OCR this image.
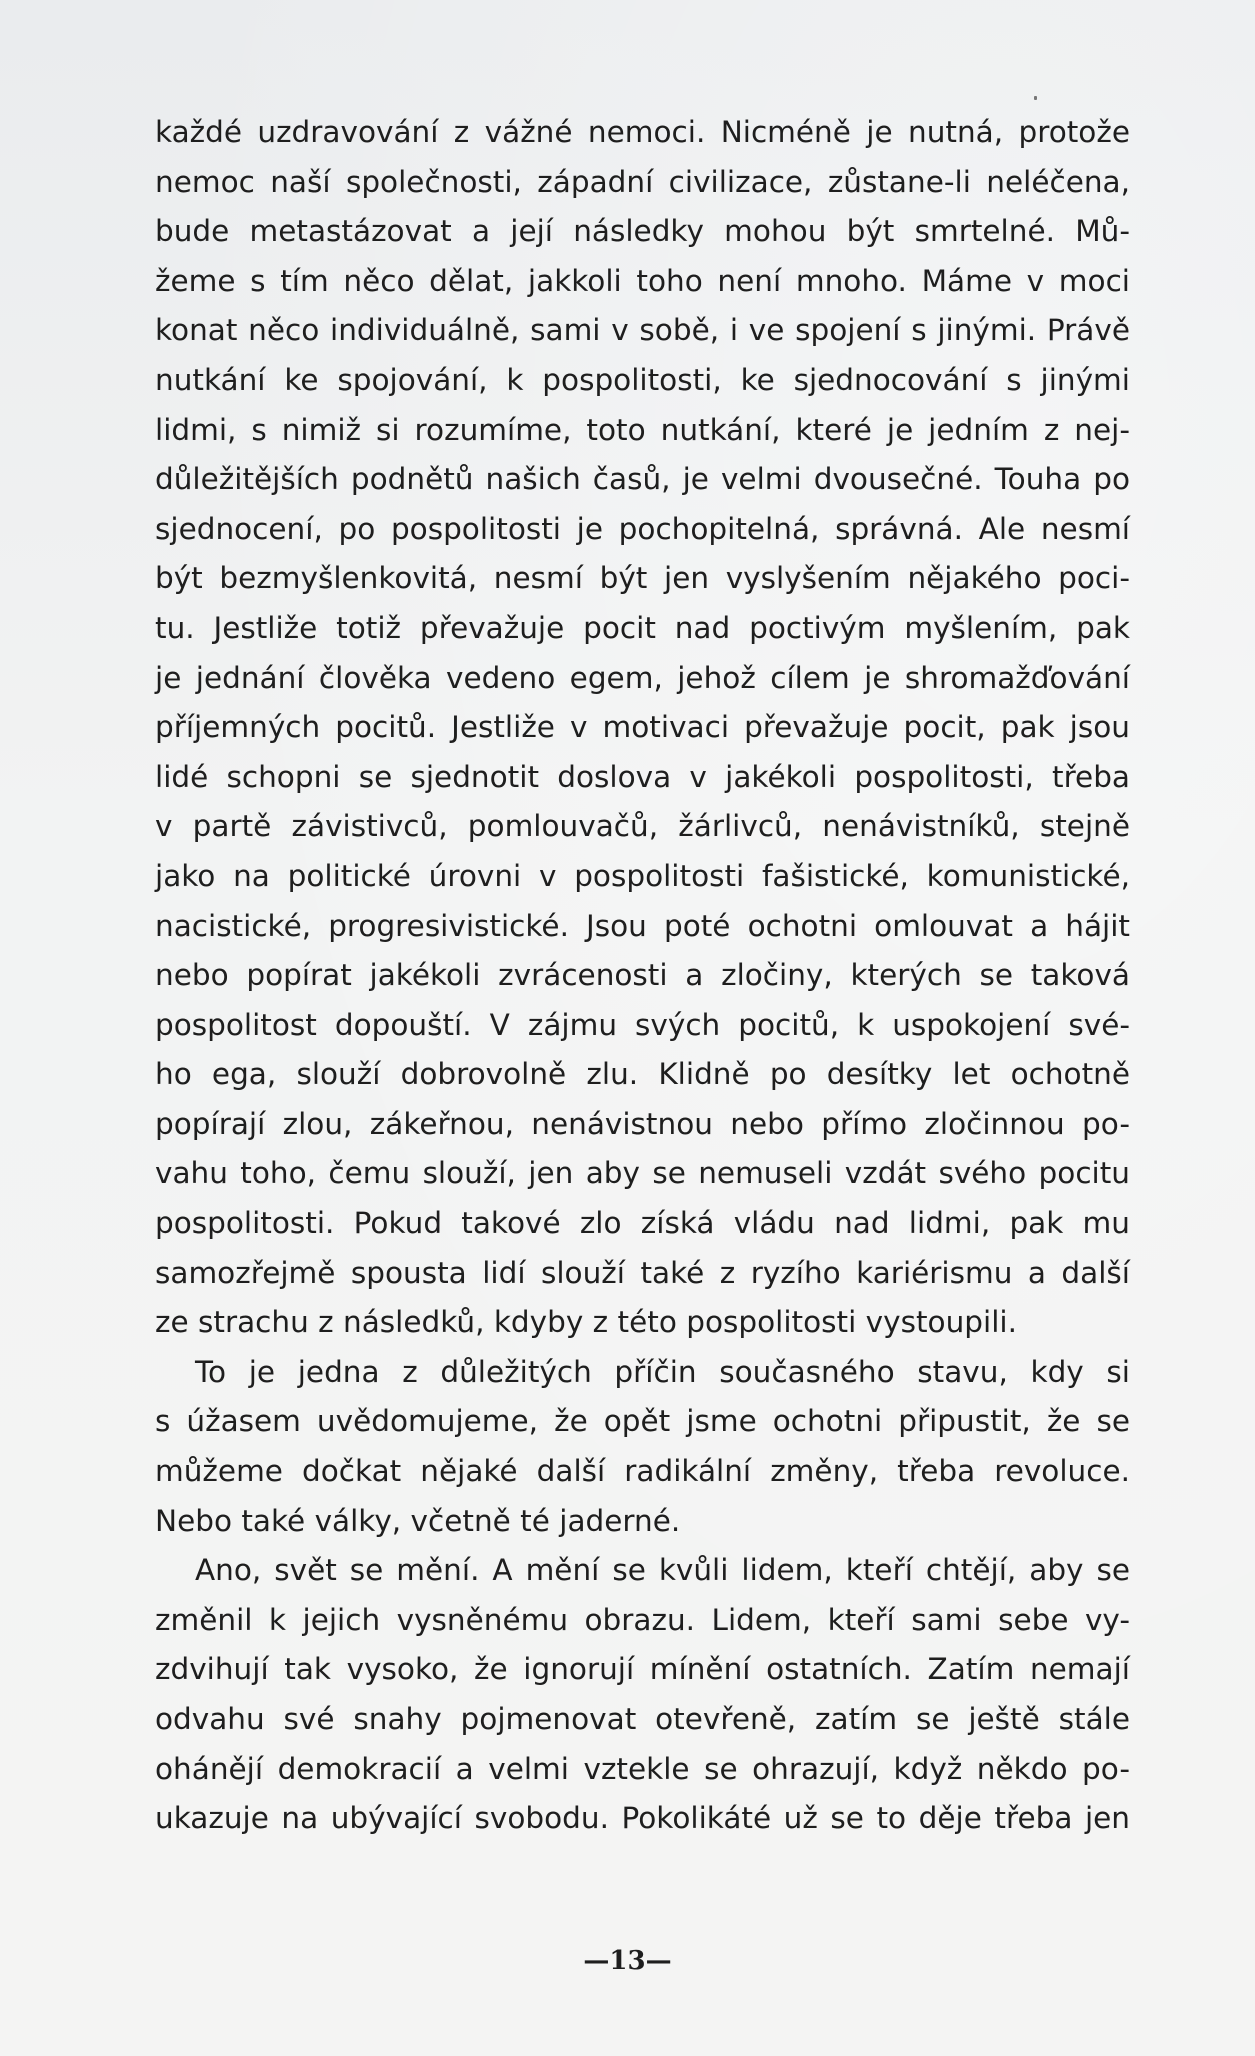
každé uzdravování z vážné nemoci. Nicméně je nutná, protože
nemoc naší společnosti, západní civilizace, zůstane-li neléčena,
bude metastázovat a její následky mohou být smrtelné. Mů-
žeme s tím něco dělat, jakkoli toho není mnoho. Máme v moci
konat něco individuálně, sami v sobě, i ve spojení s jinými. Právě
nutkání ke spojování, k pospolitosti, ke sjednocování s jinými
lidmi, s nimiž si rozumíme, toto nutkání, které je jedním z nej-
důležitějších podnětů našich časů, je velmi dvousečné. Touha po
sjednocení, po pospolitosti je pochopitelná, správná. Ale nesmí
být bezmyšlenkovitá, nesmí být jen vyslyšením nějakého poci-
tu. Jestliže totiž převažuje pocit nad poctivým myšlením, pak
je jednání člověka vedeno egem, jehož cílem je shromažďování
příjemných pocitů. Jestliže v motivaci převažuje pocit, pak jsou
lidé schopni se sjednotit doslova v jakékoli pospolitosti, třeba
v partě závistivců, pomlouvačů, žárlivců, nenávistníků, stejně
jako na politické úrovni v pospolitosti fašistické, komunistické,
nacistické, progresivistické. Jsou poté ochotni omlouvat a hájit
nebo popírat jakékoli zvrácenosti a zločiny, kterých se taková
pospolitost dopouští. V zájmu svých pocitů, k uspokojení své-
ho ega, slouží dobrovolně zlu. Klidně po desítky let ochotně
popírají zlou, zákeřnou, nenávistnou nebo přímo zločinnou po-
vahu toho, čemu slouží, jen aby se nemuseli vzdát svého pocitu
pospolitosti. Pokud takové zlo získá vládu nad lidmi, pak mu
samozřejmě spousta lidí slouží také z ryzího kariérismu a další
ze strachu z následků, kdyby z této pospolitosti vystoupili.
To je jedna z důležitých příčin současného stavu, kdy si
s úžasem uvědomujeme, že opět jsme ochotni připustit, že se
můžeme dočkat nějaké další radikální změny, třeba revoluce.
Nebo také války, včetně té jaderné.
Ano, svět se mění. A mění se kvůli lidem, kteří chtějí, aby se
změnil k jejich vysněnému obrazu. Lidem, kteří sami sebe vy-
zdvihují tak vysoko, že ignorují mínění ostatních. Zatím nemají
odvahu své snahy pojmenovat otevřeně, zatím se ještě stále
ohánějí demokracií a velmi vztekle se ohrazují, když někdo po-
ukazuje na ubývající svobodu. Pokolikáté už se to děje třeba jen
—13—
